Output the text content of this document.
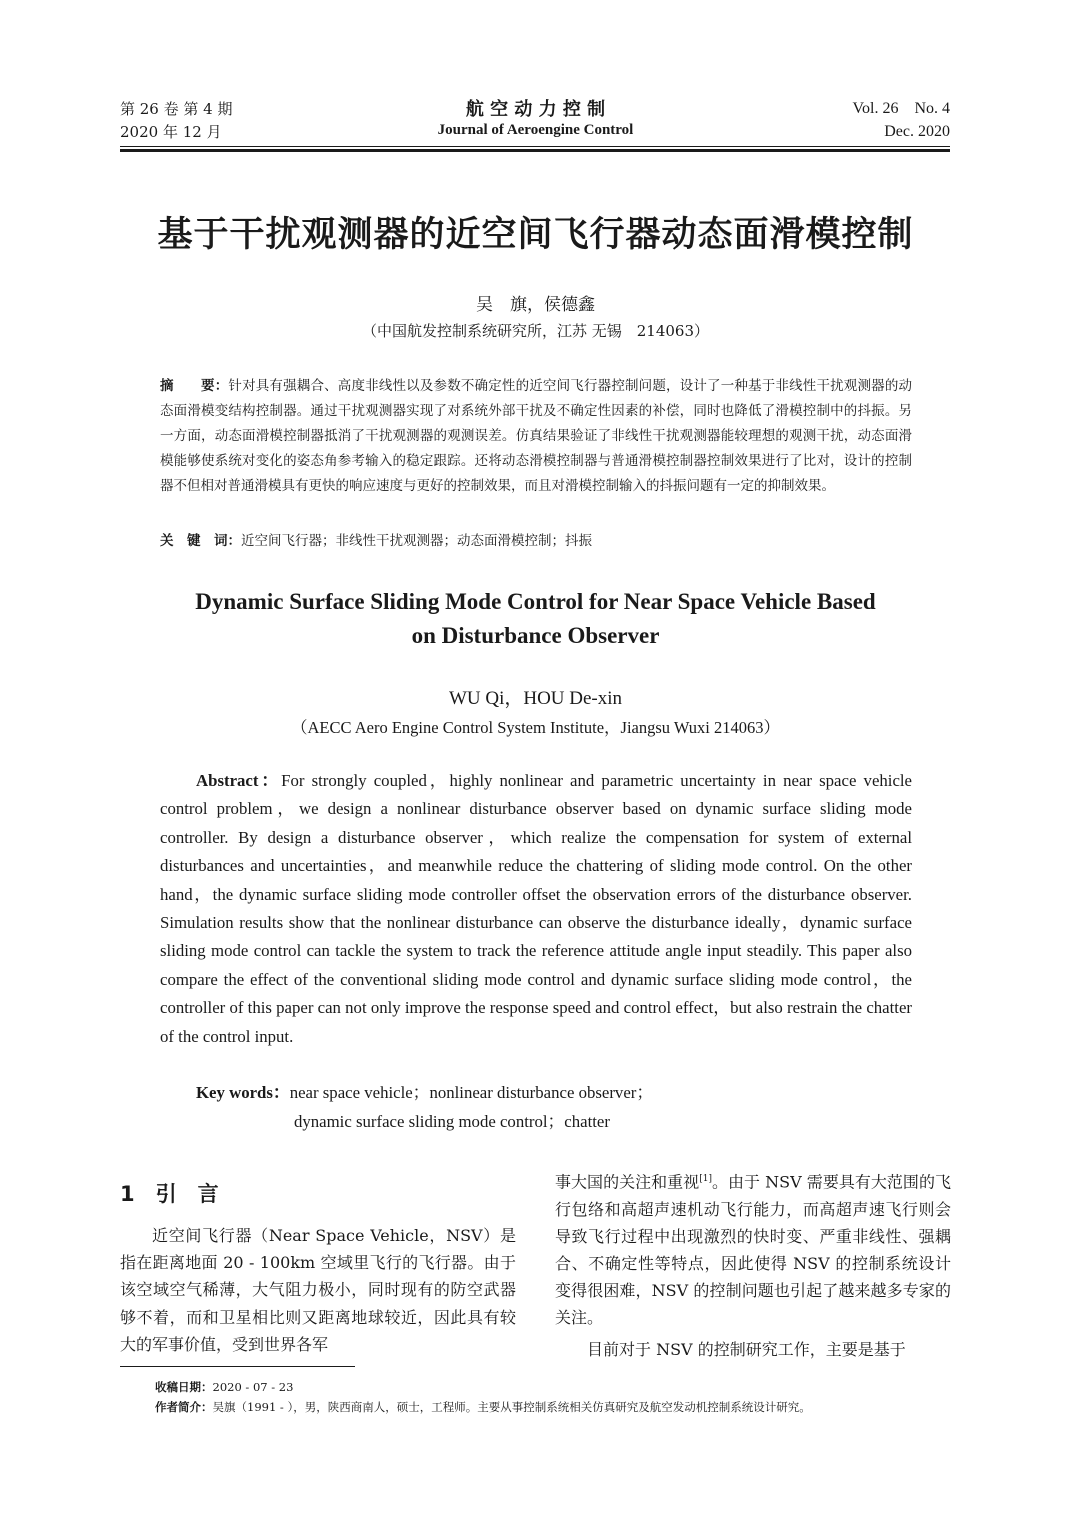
第 26 卷 第 4 期
2020 年 12 月
航 空 动 力 控 制
Journal of Aeroengine Control
Vol. 26　No. 4
Dec. 2020
基于干扰观测器的近空间飞行器动态面滑模控制
吴　旗，侯德鑫
（中国航发控制系统研究所，江苏 无锡　214063）
摘　　要：针对具有强耦合、高度非线性以及参数不确定性的近空间飞行器控制问题，设计了一种基于非线性干扰观测器的动态面滑模变结构控制器。通过干扰观测器实现了对系统外部干扰及不确定性因素的补偿，同时也降低了滑模控制中的抖振。另一方面，动态面滑模控制器抵消了干扰观测器的观测误差。仿真结果验证了非线性干扰观测器能较理想的观测干扰，动态面滑模能够使系统对变化的姿态角参考输入的稳定跟踪。还将动态滑模控制器与普通滑模控制器控制效果进行了比对，设计的控制器不但相对普通滑模具有更快的响应速度与更好的控制效果，而且对滑模控制输入的抖振问题有一定的抑制效果。
关　键　词：近空间飞行器；非线性干扰观测器；动态面滑模控制；抖振
Dynamic Surface Sliding Mode Control for Near Space Vehicle Based
on Disturbance Observer
WU Qi，HOU De-xin
（AECC Aero Engine Control System Institute，Jiangsu Wuxi 214063）
Abstract：For strongly coupled，highly nonlinear and parametric uncertainty in near space vehicle control problem，we design a nonlinear disturbance observer based on dynamic surface sliding mode controller. By design a disturbance observer，which realize the compensation for system of external disturbances and uncertainties，and meanwhile reduce the chattering of sliding mode control. On the other hand，the dynamic surface sliding mode controller offset the observation errors of the disturbance observer. Simulation results show that the nonlinear disturbance can observe the disturbance ideally，dynamic surface sliding mode control can tackle the system to track the reference attitude angle input steadily. This paper also compare the effect of the conventional sliding mode control and dynamic surface sliding mode control，the controller of this paper can not only improve the response speed and control effect，but also restrain the chatter of the control input.
Key words：near space vehicle；nonlinear disturbance observer；
dynamic surface sliding mode control；chatter
1　引　言
近空间飞行器（Near Space Vehicle，NSV）是指在距离地面 20 - 100km 空域里飞行的飞行器。由于该空域空气稀薄，大气阻力极小，同时现有的防空武器够不着，而和卫星相比则又距离地球较近，因此具有较大的军事价值，受到世界各军
事大国的关注和重视[1]。由于 NSV 需要具有大范围的飞行包络和高超声速机动飞行能力，而高超声速飞行则会导致飞行过程中出现激烈的快时变、严重非线性、强耦合、不确定性等特点，因此使得 NSV 的控制系统设计变得很困难，NSV 的控制问题也引起了越来越多专家的关注。
目前对于 NSV 的控制研究工作，主要是基于
收稿日期：2020 - 07 - 23
作者简介：吴旗（1991 - ），男，陕西商南人，硕士，工程师。主要从事控制系统相关仿真研究及航空发动机控制系统设计研究。
